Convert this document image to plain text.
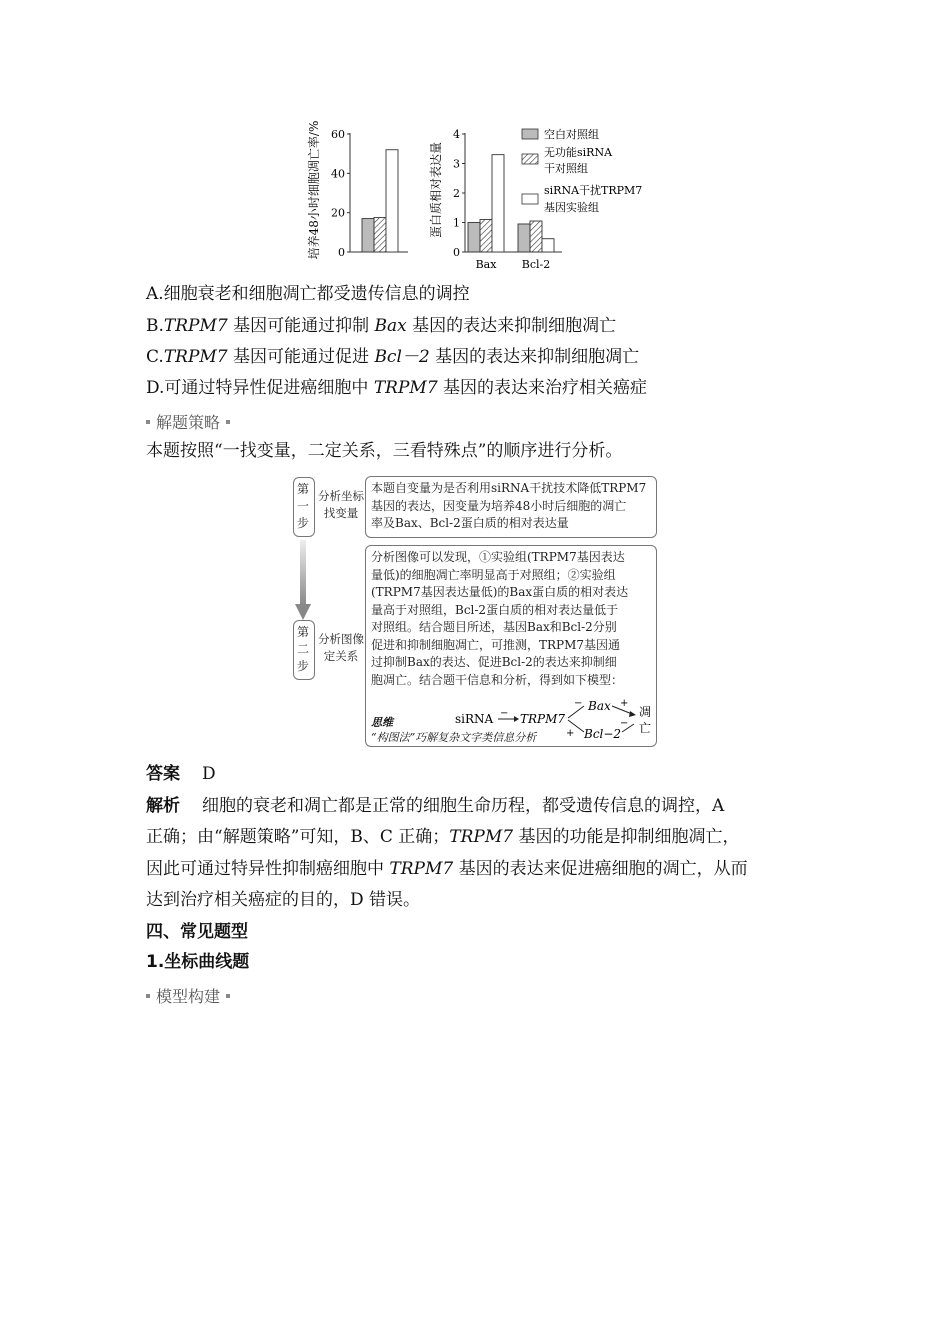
培养48小时细胞凋亡率/% 0
20
40
60
蛋白质相对表达量
0
1
2
3
4
Bax Bcl-2
空白对照组
无功能siRNA
干对照组
siRNA干扰TRPM7
基因实验组
A.细胞衰老和细胞凋亡都受遗传信息的调控
B.TRPM7 基因可能通过抑制 Bax 基因的表达来抑制细胞凋亡
C.TRPM7 基因可能通过促进 Bcl－2 基因的表达来抑制细胞凋亡
D.可通过特异性促进癌细胞中 TRPM7 基因的表达来治疗相关癌症
解题策略
本题按照“一找变量，二定关系，三看特殊点”的顺序进行分析。
第
一
步
分析坐标找变量
本题自变量为是否利用siRNA干扰技术降低TRPM7
基因的表达，因变量为培养48小时后细胞的凋亡
率及Bax、Bcl-2蛋白质的相对表达量
第
二
步
分析图像定关系
分析图像可以发现，①实验组(TRPM7基因表达
量低)的细胞凋亡率明显高于对照组；②实验组
(TRPM7基因表达量低)的Bax蛋白质的相对表达
量高于对照组，Bcl-2蛋白质的相对表达量低于
对照组。结合题目所述，基因Bax和Bcl-2分别
促进和抑制细胞凋亡，可推测，TRPM7基因通
过抑制Bax的表达、促进Bcl-2的表达来抑制细
胞凋亡。结合题干信息和分析，得到如下模型：
思维
“构图法”巧解复杂文字类信息分析
siRNA − TRPM7
−
+
Bax
Bcl−2
+
−
凋
亡
答案 D
解析 细胞的衰老和凋亡都是正常的细胞生命历程，都受遗传信息的调控，A
正确；由“解题策略”可知，B、C 正确；TRPM7 基因的功能是抑制细胞凋亡，
因此可通过特异性抑制癌细胞中 TRPM7 基因的表达来促进癌细胞的凋亡，从而
达到治疗相关癌症的目的，D 错误。
四、常见题型
1.坐标曲线题
模型构建
